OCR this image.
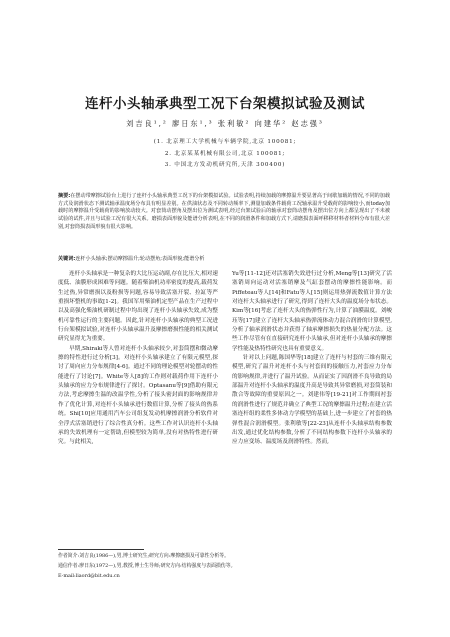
连杆小头轴承典型工况下台架模拟试验及测试
刘吉良¹,² 廖日东¹,³ 张利敏² 向建华² 赵志强³
(1. 北京理工大学机械与车辆学院,北京 100081;
2. 北京某某机械有限公司,北京 100081;
3. 中国北方发动机研究所,天津 300400)
摘要:在摆动带摩擦试验台上进行了连杆小头轴承典型工况下的台架模拟试验。试验表明,持续加载的摩擦温升要显著高于间歇加载的情况,不同的加载方式及润滑状态下测试轴承温度场分布具有明显差别。在供油状态及不同转动频率下,测量加载条件载荷工况轴承温升受载荷的影响较小,而today加载时的摩擦温升受载荷的影响放动较大。对套筒动摆角及摆出位为测试表明,经过台架试验后的轴承对套筒动摆角及摆出位方向上都呈现出了不未被试验的试件,并且与试验工况有很大关系。磨损表面形貌及能谱分析表明,在不同的润滑条件和加载方式下,请磨损表面呼移移材料者材料分布有很大差别,对套筒损表面形貌有很大影响。
关键词:连杆小头轴承;摆动摩擦温升;轮动摆角;表面形貌;能谱分析

连杆小头轴承是一种复杂的大比压运动副,存在比压大,相对速度低、油膜形成困难等问题。随着柴油机功率密度的提高,载荷发生过热,异常磨损以及粉损等问题,容易导致活塞开裂、拉缸等严重损坏整机的事故[1-2]。我国军用柴油机定型产品在生产过程中以及高强化柴油机研制过程中均出现了连杆小头轴承失效,成为整机可靠性运行的主要问题。因此,针对连杆小头轴承的典型工况进行台架模拟试验,对连杆小头轴承温升及摩擦磨损性能的相关测试研究显得尤为重要。

早期,Shiraki等人曾对连杆小头轴承较少,对套筒摆和微动摩擦的特性进行过分析[3]。对连杆小头轴承建立了有限元模型,探讨了周向应力分布规律[4-6]。通过不同的理论模型对轮摆动的性能进行了讨论[7]。White等人[8]的工作则对载荷作用下连杆小头轴承的应力分布规律进行了探讨。Optasanu等[9]借助有限元方法,考虑摩擦生温的改温学性,分析了接头密封面的影响规律并作了优化计算,对连杆小头轴承进行数值计算,分析了接头的热系统。Shi[10]应用通用汽车公司组复发动机摩擦润滑分析软件对全浮式活塞销进行了综合性真分析。这些工作对认识连杆小头轴承的失效机理有一定帮助,但模型较为简单,没有对热特性进行研究。与此相关,

Yu等[11-12]还对活塞销失效进行过分析,Meng等[13]研究了活塞销周向运动对活塞销摩及气缸套摆动的摩擦性能影响。而Piffeteau等人[14]和Fatu等人[15]则运用热弹流数值计算方法对连杆大头轴承进行了研究,得到了连杆大头的温度场分布状态。Kim等[16]考虑了连杆大头的热弹性行为,计算了油膜温度。刘峻珏等[17]建立了连杆大头轴承热弹流体动力混合润滑的计算模型,分析了轴承润滑状态并获得了轴承摩擦损失的热量分配方法。这些工作尽管有在直接研究连杆小头轴承,但对连杆小头轴承的摩擦学性能及热特性研究也具有重要意义。

针对以上问题,陈国华等[18]建立了连杆与衬套的三维有限元模型,研究了温升对连杆小头与衬套间的接触压力,衬套应力分布的影响规律,并进行了温升试验。从而证实了因润滑不良导致的局部温升对连杆小头轴承的温度升高是导致其异常磨损,对套筒装和散合等故障的重要原因之一。刘建伟等[19-21]对工作期间衬套的润滑性进行了规范并确立了典型工况的摩擦温升过程;在建立活塞连杆组的柔性多体动力学模型的基础上,进一步建立了衬套的热弹性混合润滑模型。张利敏等[22-23]从连杆小头轴承结构参数出发,通过优化结构参数,分析了不同结构参数下连杆小头轴承的应力应变场、温度场及润滑特性。然而,

作者简介:刘吉良(1986—),男,博士研究生;研究方向:摩擦磨损及可靠性分析等。
通信作者:廖日东(1972—),男,教授,博士生导师;研究方向:结构强度与表面损伤等。
E-mail:liaord@bit.edu.cn
